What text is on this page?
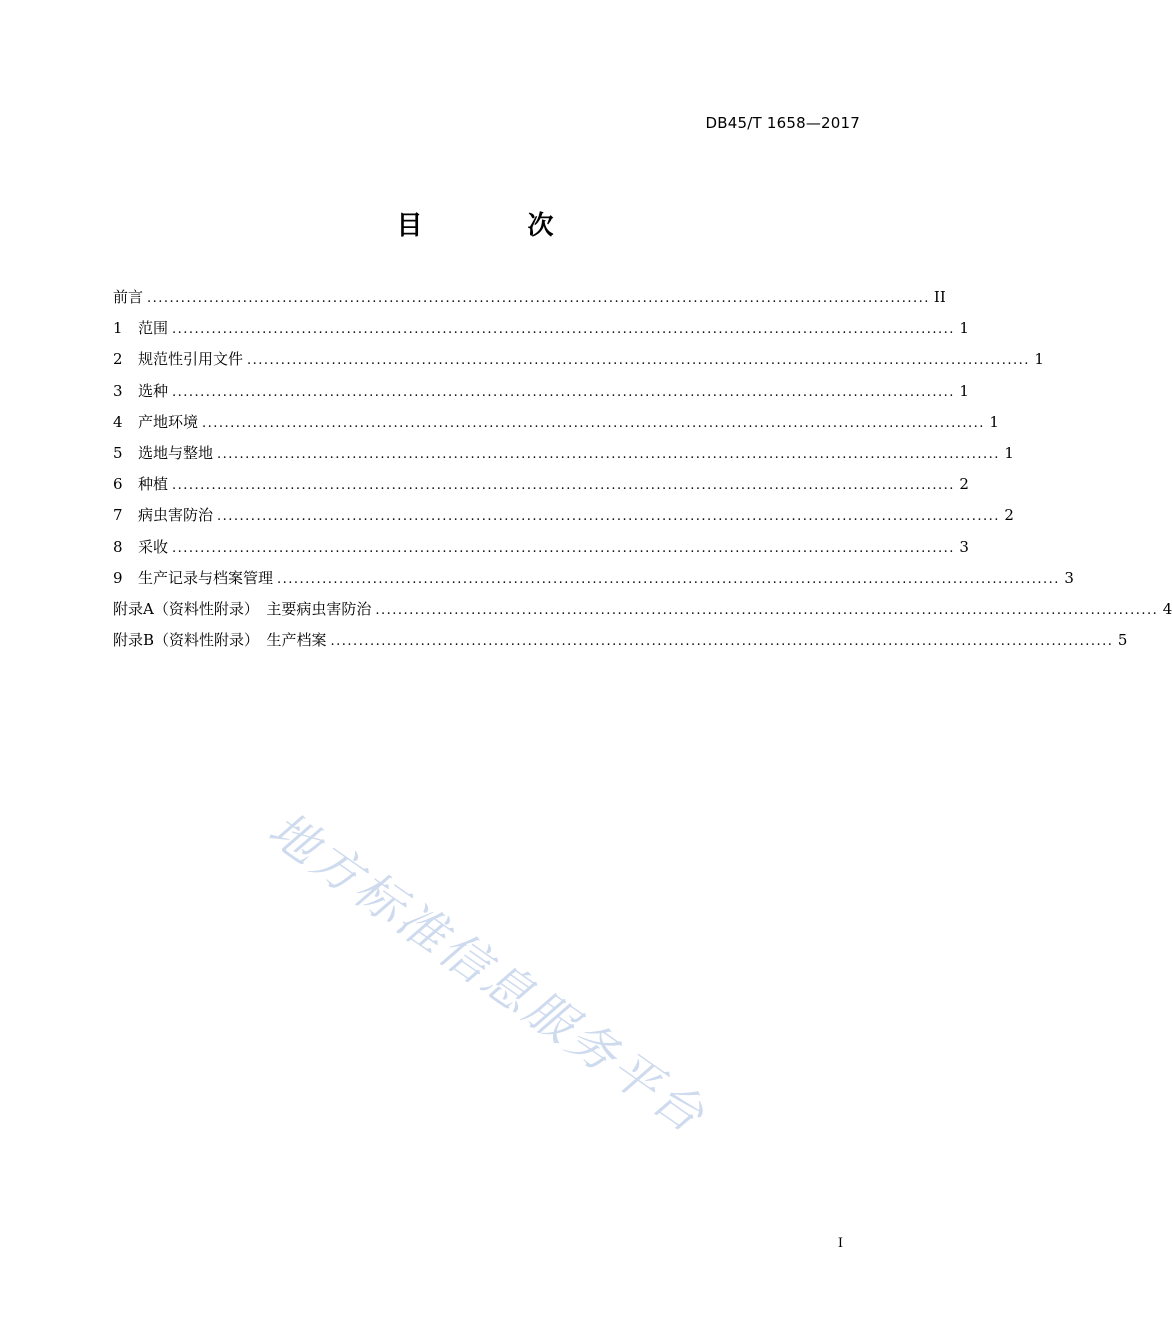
DB45/T 1658—2017
目 次
前言 ........................................................................................................................................... II
1	范围 ........................................................................................................................................... 1
2	规范性引用文件 ........................................................................................................................................... 1
3	选种 ........................................................................................................................................... 1
4	产地环境 ........................................................................................................................................... 1
5	选地与整地 ........................................................................................................................................... 1
6	种植 ........................................................................................................................................... 2
7	病虫害防治 ........................................................................................................................................... 2
8	采收 ........................................................................................................................................... 3
9	生产记录与档案管理 ........................................................................................................................................... 3
附录A（资料性附录）　主要病虫害防治 ........................................................................................................................................... 4
附录B（资料性附录）　生产档案 ........................................................................................................................................... 5
地方标准信息服务平台
I
